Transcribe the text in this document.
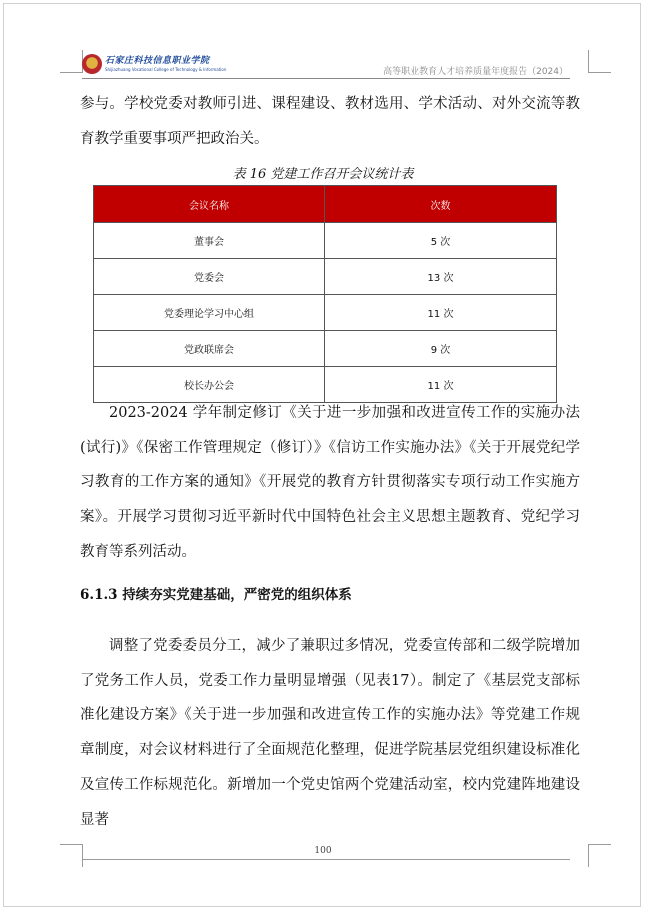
石家庄科技信息职业学院
Shijiazhuang Vocational College of Technology & Information	高等职业教育人才培养质量年度报告（2024）

参与。学校党委对教师引进、课程建设、教材选用、学术活动、对外交流等教育教学重要事项严把政治关。

表 16 党建工作召开会议统计表
会议名称	次数
董事会	5 次
党委会	13 次
党委理论学习中心组	11 次
党政联席会	9 次
校长办公会	11 次

2023-2024 学年制定修订《关于进一步加强和改进宣传工作的实施办法(试行)》《保密工作管理规定（修订）》《信访工作实施办法》《关于开展党纪学习教育的工作方案的通知》《开展党的教育方针贯彻落实专项行动工作实施方案》。开展学习贯彻习近平新时代中国特色社会主义思想主题教育、党纪学习教育等系列活动。

6.1.3 持续夯实党建基础，严密党的组织体系

调整了党委委员分工，减少了兼职过多情况，党委宣传部和二级学院增加了党务工作人员，党委工作力量明显增强（见表17）。制定了《基层党支部标准化建设方案》《关于进一步加强和改进宣传工作的实施办法》等党建工作规章制度，对会议材料进行了全面规范化整理，促进学院基层党组织建设标准化及宣传工作标规范化。新增加一个党史馆两个党建活动室，校内党建阵地建设显著

100
